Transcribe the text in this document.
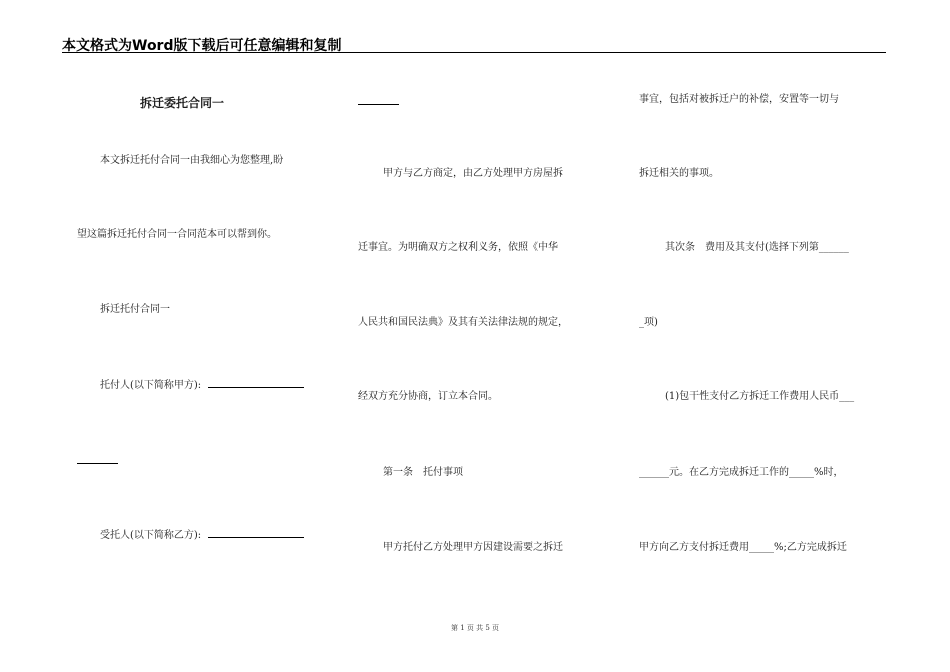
本文格式为Word版下载后可任意编辑和复制
拆迁委托合同一
本文拆迁托付合同一由我细心为您整理,盼
望这篇拆迁托付合同一合同范本可以帮到你。
拆迁托付合同一
托付人(以下简称甲方):
受托人(以下简称乙方):
甲方与乙方商定，由乙方处理甲方房屋拆
迁事宜。为明确双方之权利义务，依照《中华
人民共和国民法典》及其有关法律法规的规定，
经双方充分协商，订立本合同。
第一条　托付事项
甲方托付乙方处理甲方因建设需要之拆迁
事宜，包括对被拆迁户的补偿，安置等一切与
拆迁相关的事项。
其次条　费用及其支付(选择下列第______
_项)
(1)包干性支付乙方拆迁工作费用人民币___
______元。在乙方完成拆迁工作的_____%时，
甲方向乙方支付拆迁费用_____%;乙方完成拆迁
第 1 页 共 5 页
